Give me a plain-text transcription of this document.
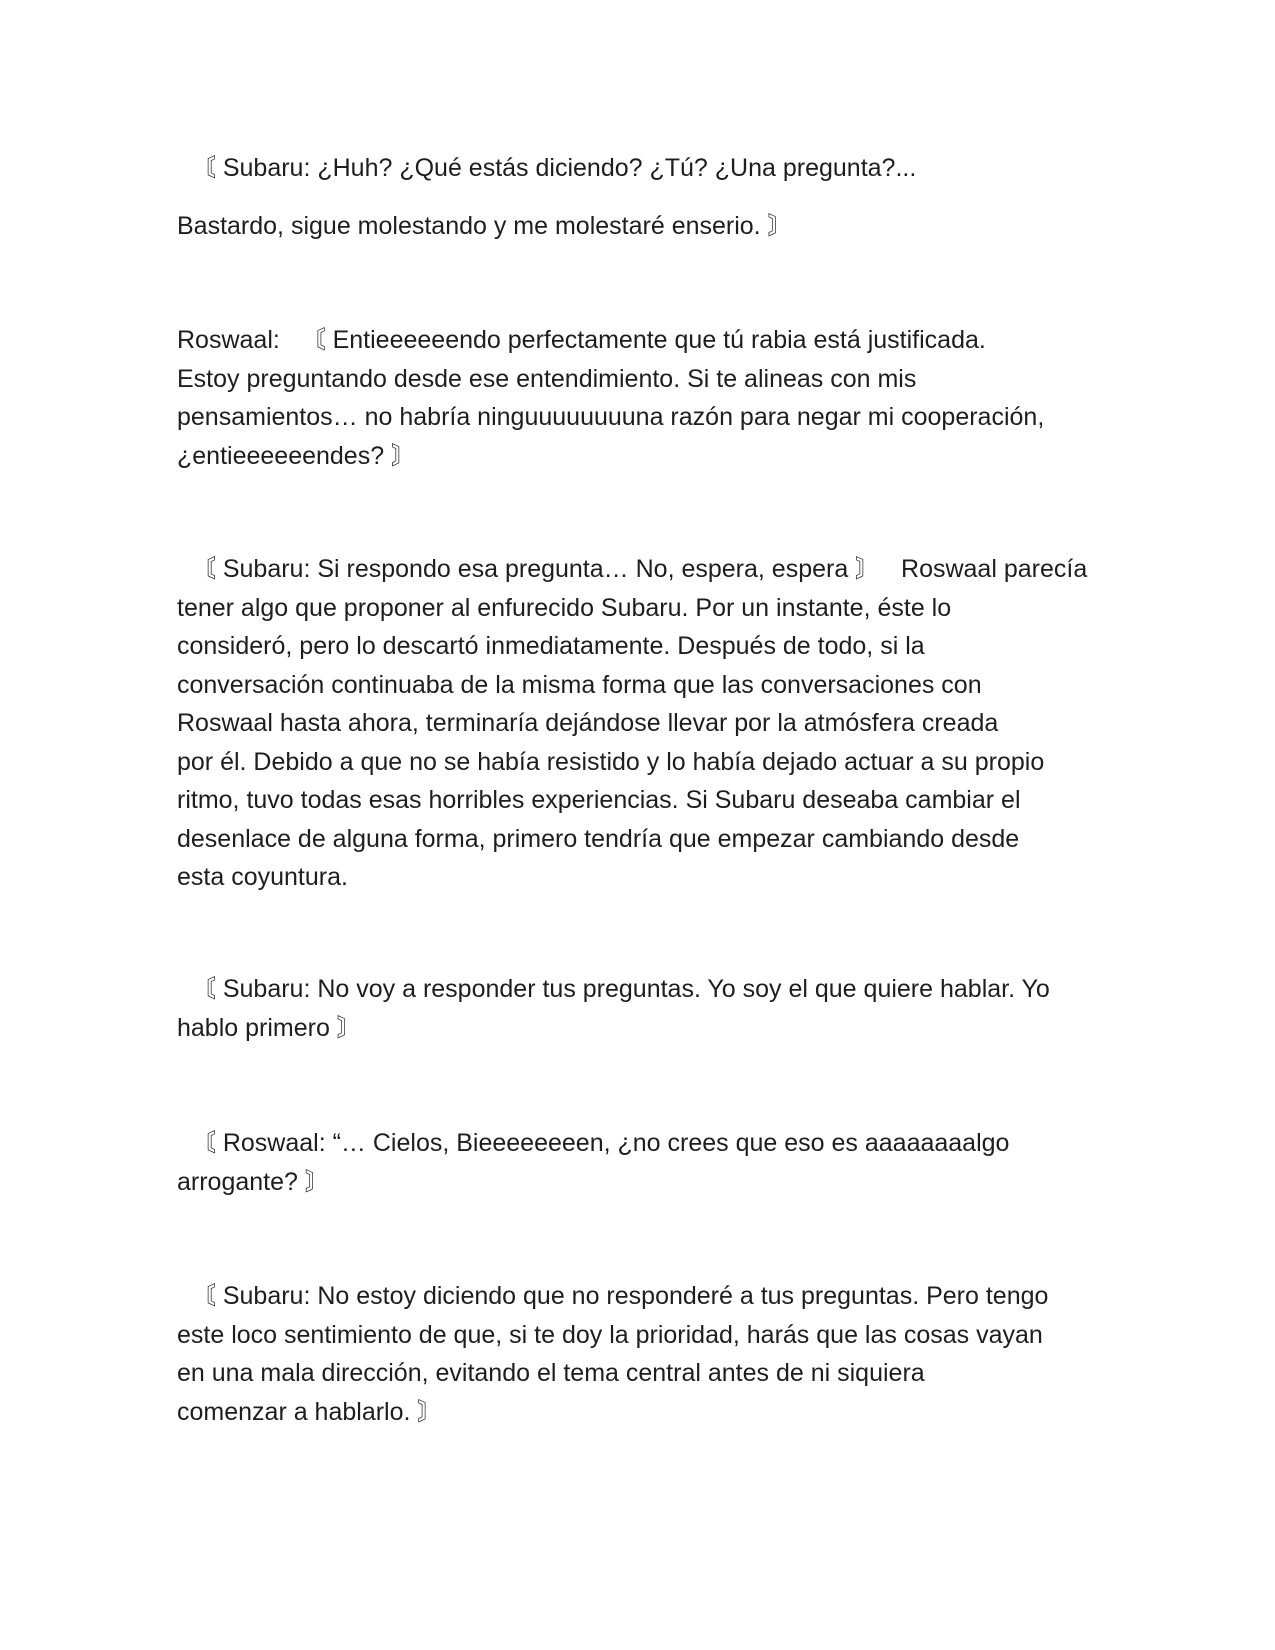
〘 Subaru: ¿Huh? ¿Qué estás diciendo? ¿Tú? ¿Una pregunta?...

Bastardo, sigue molestando y me molestaré enserio. 〙

Roswaal:   〘 Entieeeeeendo perfectamente que tú rabia está justificada.
Estoy preguntando desde ese entendimiento. Si te alineas con mis
pensamientos… no habría ninguuuuuuuuna razón para negar mi cooperación,
¿entieeeeeendes? 〙

〘 Subaru: Si respondo esa pregunta… No, espera, espera 〙   Roswaal parecía
tener algo que proponer al enfurecido Subaru. Por un instante, éste lo
consideró, pero lo descartó inmediatamente. Después de todo, si la
conversación continuaba de la misma forma que las conversaciones con
Roswaal hasta ahora, terminaría dejándose llevar por la atmósfera creada
por él. Debido a que no se había resistido y lo había dejado actuar a su propio
ritmo, tuvo todas esas horribles experiencias. Si Subaru deseaba cambiar el
desenlace de alguna forma, primero tendría que empezar cambiando desde
esta coyuntura.

〘 Subaru: No voy a responder tus preguntas. Yo soy el que quiere hablar. Yo
hablo primero 〙

〘 Roswaal: “… Cielos, Bieeeeeeeen, ¿no crees que eso es aaaaaaaalgo
arrogante? 〙

〘 Subaru: No estoy diciendo que no responderé a tus preguntas. Pero tengo
este loco sentimiento de que, si te doy la prioridad, harás que las cosas vayan
en una mala dirección, evitando el tema central antes de ni siquiera
comenzar a hablarlo. 〙
